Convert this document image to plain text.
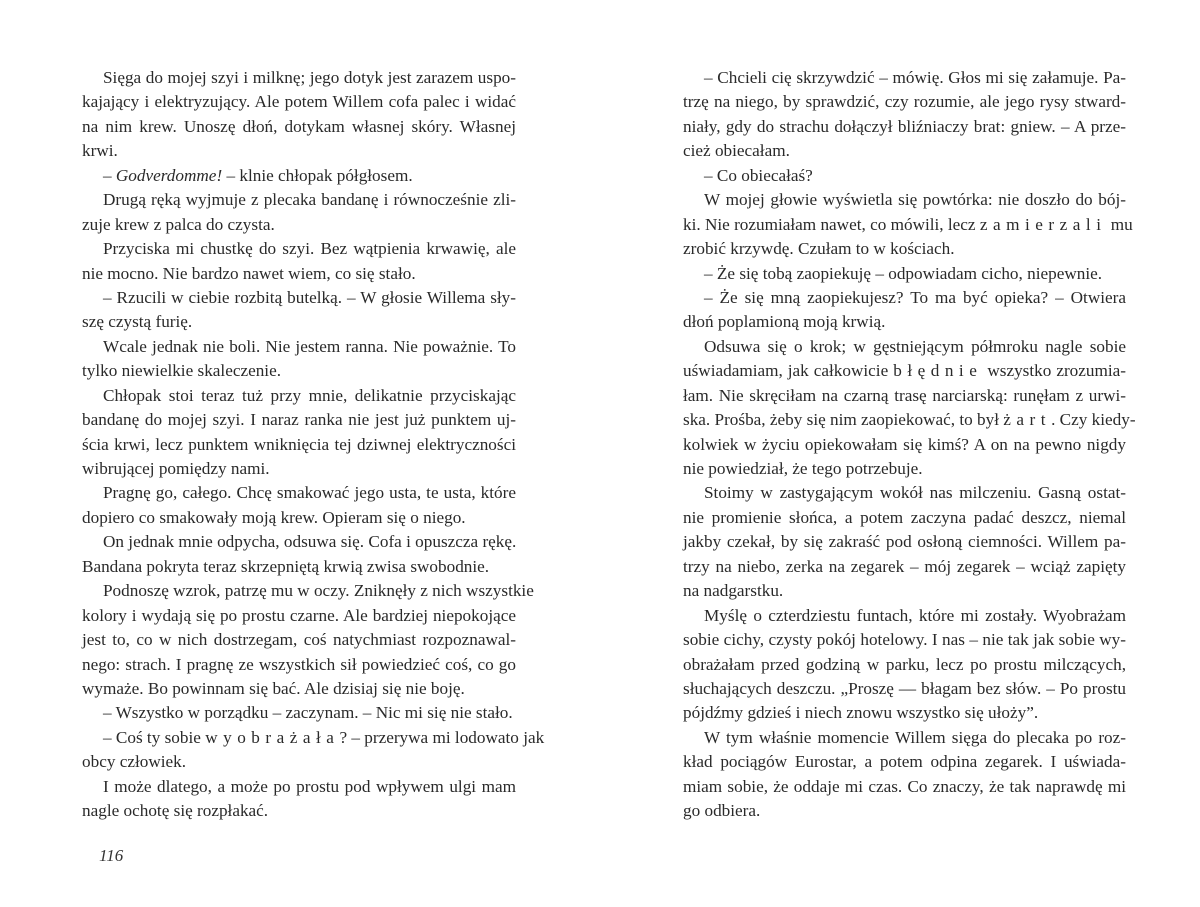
Sięga do mojej szyi i milknę; jego dotyk jest zarazem uspo-
kajający i elektryzujący. Ale potem Willem cofa palec i widać
na nim krew. Unoszę dłoń, dotykam własnej skóry. Własnej
krwi.
– Godverdomme! – klnie chłopak półgłosem.
Drugą ręką wyjmuje z plecaka bandanę i równocześnie zli-
zuje krew z palca do czysta.
Przyciska mi chustkę do szyi. Bez wątpienia krwawię, ale
nie mocno. Nie bardzo nawet wiem, co się stało.
– Rzucili w ciebie rozbitą butelką. – W głosie Willema sły-
szę czystą furię.
Wcale jednak nie boli. Nie jestem ranna. Nie poważnie. To
tylko niewielkie skaleczenie.
Chłopak stoi teraz tuż przy mnie, delikatnie przyciskając
bandanę do mojej szyi. I naraz ranka nie jest już punktem uj-
ścia krwi, lecz punktem wniknięcia tej dziwnej elektryczności
wibrującej pomiędzy nami.
Pragnę go, całego. Chcę smakować jego usta, te usta, które
dopiero co smakowały moją krew. Opieram się o niego.
On jednak mnie odpycha, odsuwa się. Cofa i opuszcza rękę.
Bandana pokryta teraz skrzepniętą krwią zwisa swobodnie.
Podnoszę wzrok, patrzę mu w oczy. Zniknęły z nich wszystkie
kolory i wydają się po prostu czarne. Ale bardziej niepokojące
jest to, co w nich dostrzegam, coś natychmiast rozpoznawal-
nego: strach. I pragnę ze wszystkich sił powiedzieć coś, co go
wymaże. Bo powinnam się bać. Ale dzisiaj się nie boję.
– Wszystko w porządku – zaczynam. – Nic mi się nie stało.
– Coś ty sobie wyobrażała? – przerywa mi lodowato jak
obcy człowiek.
I może dlatego, a może po prostu pod wpływem ulgi mam
nagle ochotę się rozpłakać.
– Chcieli cię skrzywdzić – mówię. Głos mi się załamuje. Pa-
trzę na niego, by sprawdzić, czy rozumie, ale jego rysy stward-
niały, gdy do strachu dołączył bliźniaczy brat: gniew. – A prze-
cież obiecałam.
– Co obiecałaś?
W mojej głowie wyświetla się powtórka: nie doszło do bój-
ki. Nie rozumiałam nawet, co mówili, lecz zamierzali mu
zrobić krzywdę. Czułam to w kościach.
– Że się tobą zaopiekuję – odpowiadam cicho, niepewnie.
– Że się mną zaopiekujesz? To ma być opieka? – Otwiera
dłoń poplamioną moją krwią.
Odsuwa się o krok; w gęstniejącym półmroku nagle sobie
uświadamiam, jak całkowicie błędnie wszystko zrozumia-
łam. Nie skręciłam na czarną trasę narciarską: runęłam z urwi-
ska. Prośba, żeby się nim zaopiekować, to był żart. Czy kiedy-
kolwiek w życiu opiekowałam się kimś? A on na pewno nigdy
nie powiedział, że tego potrzebuje.
Stoimy w zastygającym wokół nas milczeniu. Gasną ostat-
nie promienie słońca, a potem zaczyna padać deszcz, niemal
jakby czekał, by się zakraść pod osłoną ciemności. Willem pa-
trzy na niebo, zerka na zegarek – mój zegarek – wciąż zapięty
na nadgarstku.
Myślę o czterdziestu funtach, które mi zostały. Wyobrażam
sobie cichy, czysty pokój hotelowy. I nas – nie tak jak sobie wy-
obrażałam przed godziną w parku, lecz po prostu milczących,
słuchających deszczu. „Proszę — błagam bez słów. – Po prostu
pójdźmy gdzieś i niech znowu wszystko się ułoży”.
W tym właśnie momencie Willem sięga do plecaka po roz-
kład pociągów Eurostar, a potem odpina zegarek. I uświada-
miam sobie, że oddaje mi czas. Co znaczy, że tak naprawdę mi
go odbiera.
116
